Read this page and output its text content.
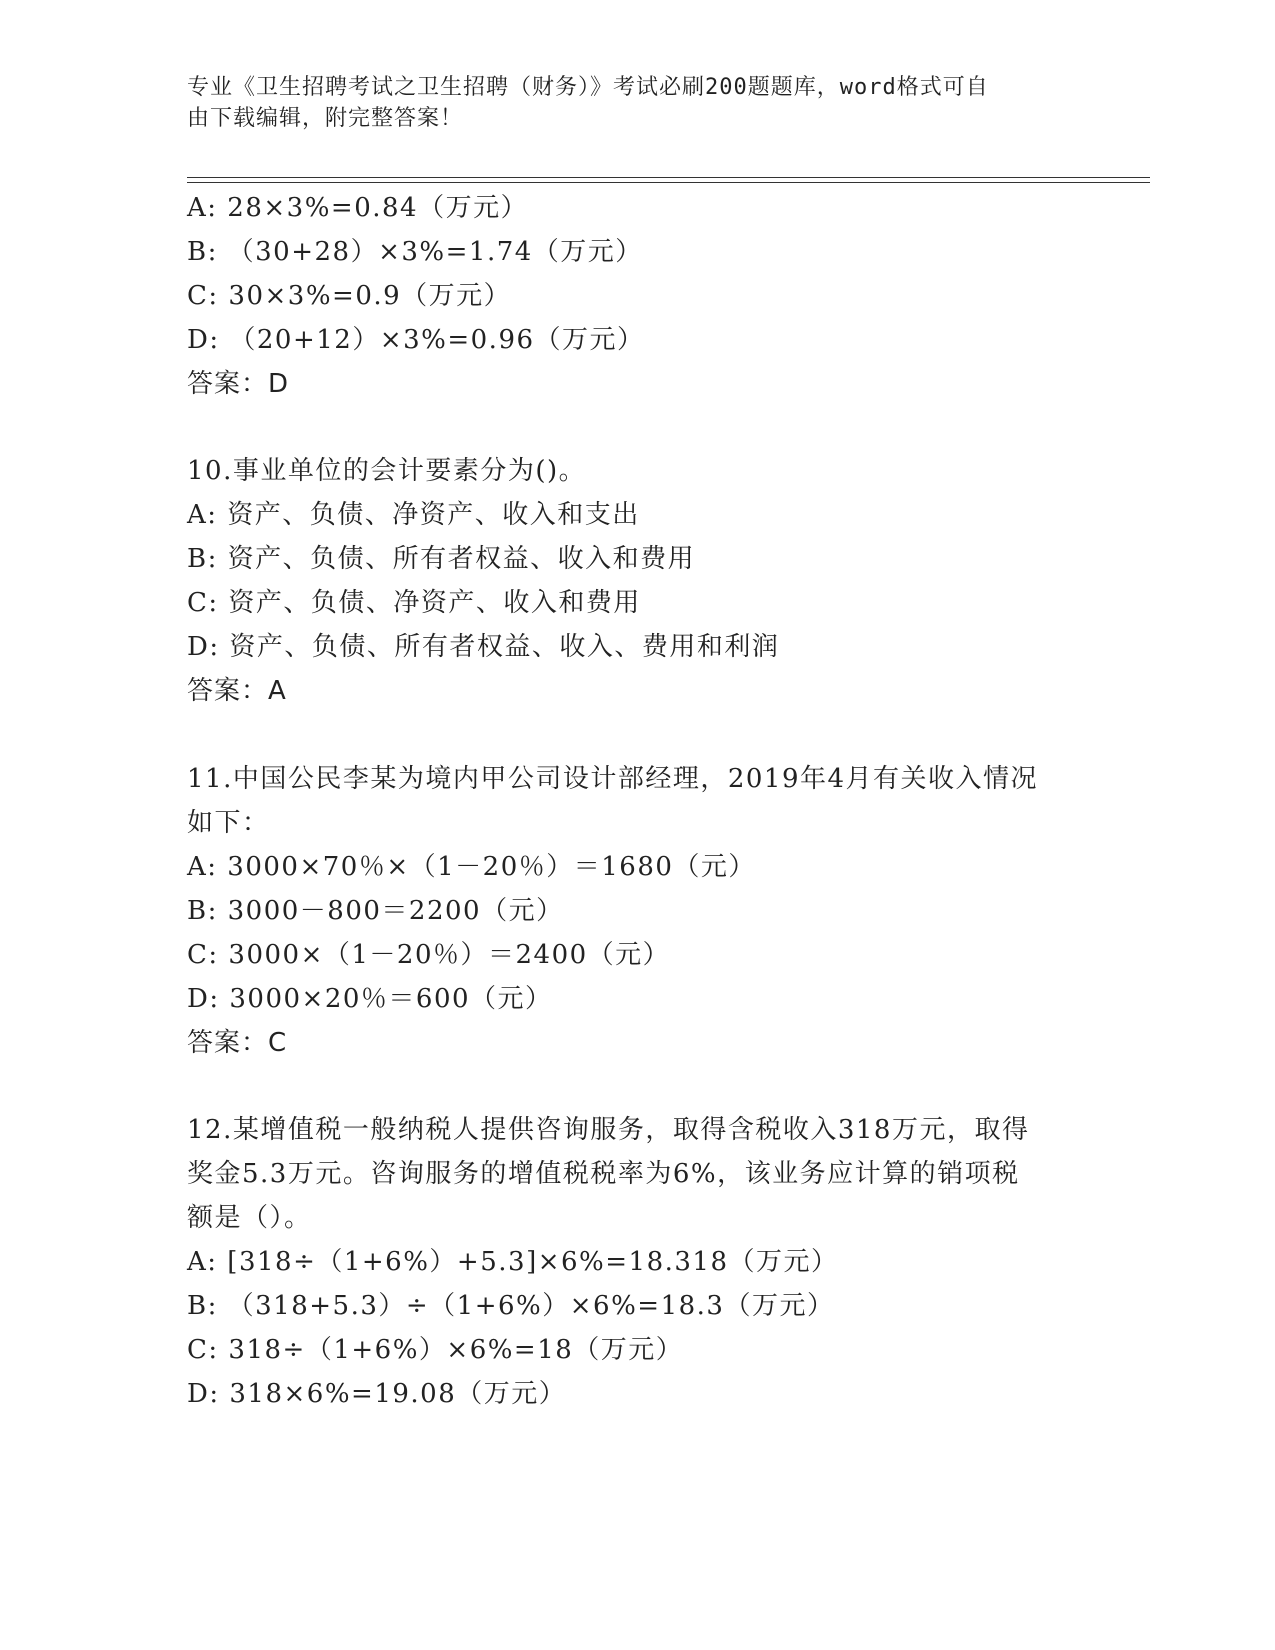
专业《卫生招聘考试之卫生招聘（财务）》考试必刷200题题库，word格式可自
由下载编辑，附完整答案！
A: 28×3%=0.84（万元）
B: （30+28）×3%=1.74（万元）
C: 30×3%=0.9（万元）
D: （20+12）×3%=0.96（万元）
答案：D
10.事业单位的会计要素分为()。
A: 资产、负债、净资产、收入和支出
B: 资产、负债、所有者权益、收入和费用
C: 资产、负债、净资产、收入和费用
D: 资产、负债、所有者权益、收入、费用和利润
答案：A
11.中国公民李某为境内甲公司设计部经理，2019年4月有关收入情况
如下：
A: 3000×70％×（1－20％）＝1680（元）
B: 3000－800＝2200（元）
C: 3000×（1－20％）＝2400（元）
D: 3000×20％＝600（元）
答案：C
12.某增值税一般纳税人提供咨询服务，取得含税收入318万元，取得
奖金5.3万元。咨询服务的增值税税率为6%，该业务应计算的销项税
额是（）。
A: [318÷（1+6%）+5.3]×6%=18.318（万元）
B: （318+5.3）÷（1+6%）×6%=18.3（万元）
C: 318÷（1+6%）×6%=18（万元）
D: 318×6%=19.08（万元）
